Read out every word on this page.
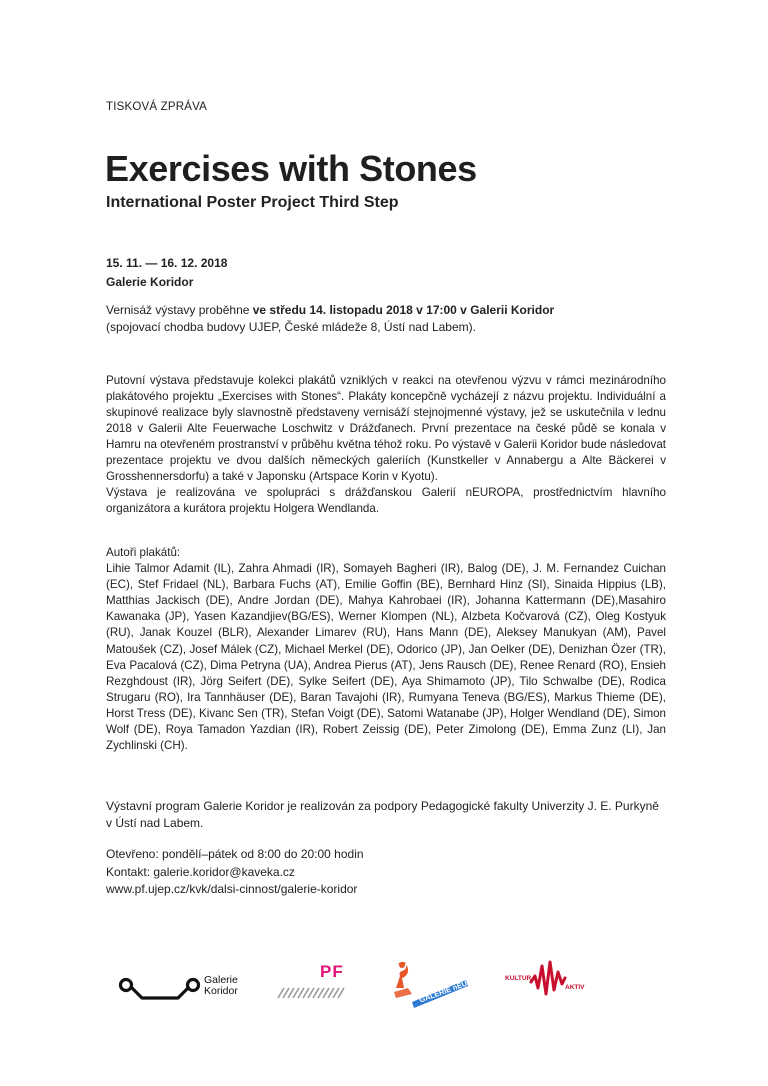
TISKOVÁ ZPRÁVA
Exercises with Stones
International Poster Project Third Step
15. 11. — 16. 12. 2018
Galerie Koridor
Vernisáž výstavy proběhne ve středu 14. listopadu 2018 v 17:00 v Galerii Koridor
(spojovací chodba budovy UJEP, České mládeže 8, Ústí nad Labem).

Putovní výstava představuje kolekci plakátů vzniklých v reakci na otevřenou výzvu v rámci mezinárodního plakátového projektu „Exercises with Stones“. Plakáty koncepčně vycházejí z názvu projektu. Individuální a skupinové realizace byly slavnostně představeny vernisáží stejnojmenné výstavy, jež se uskutečnila v lednu 2018 v Galerii Alte Feuerwache Loschwitz v Drážďanech. První prezentace na české půdě se konala v Hamru na otevřeném prostranství v průběhu května téhož roku. Po výstavě v Galerii Koridor bude následovat prezentace projektu ve dvou dalších německých galeriích (Kunstkeller v Annabergu a Alte Bäckerei v Grosshennersdorfu) a také v Japonsku (Artspace Korin v Kyotu).

Výstava je realizována ve spolupráci s drážďanskou Galerií nEUROPA, prostřednictvím hlavního organizátora a kurátora projektu Holgera Wendlanda.

Autoři plakátů:

Lihie Talmor Adamit (IL), Zahra Ahmadi (IR), Somayeh Bagheri (IR), Balog (DE), J. M. Fernandez Cuichan (EC), Stef Fridael (NL), Barbara Fuchs (AT), Emilie Goffin (BE), Bernhard Hinz (SI), Sinaida Hippius (LB), Matthias Jackisch (DE), Andre Jordan (DE), Mahya Kahrobaei (IR), Johanna Kattermann (DE),Masahiro Kawanaka (JP), Yasen Kazandjiev(BG/ES), Werner Klompen (NL), Alzbeta Kočvarová (CZ), Oleg Kostyuk (RU), Janak Kouzel (BLR), Alexander Limarev (RU), Hans Mann (DE), Aleksey Manukyan (AM), Pavel Matoušek (CZ), Josef Málek (CZ), Michael Merkel (DE), Odorico (JP), Jan Oelker (DE), Denizhan Özer (TR), Eva Pacalová (CZ), Dima Petryna (UA), Andrea Pierus (AT), Jens Rausch (DE), Renee Renard (RO), Ensieh Rezghdoust (IR), Jörg Seifert (DE), Sylke Seifert (DE), Aya Shimamoto (JP), Tilo Schwalbe (DE), Rodica Strugaru (RO), Ira Tannhäuser (DE), Baran Tavajohi (IR), Rumyana Teneva (BG/ES), Markus Thieme (DE), Horst Tress (DE), Kivanc Sen (TR), Stefan Voigt (DE), Satomi Watanabe (JP), Holger Wendland (DE), Simon Wolf (DE), Roya Tamadon Yazdian (IR), Robert Zeissig (DE), Peter Zimolong (DE), Emma Zunz (LI), Jan Zychlinski (CH).

Výstavní program Galerie Koridor je realizován za podpory Pedagogické fakulty Univerzity J. E. Purkyně v Ústí nad Labem.
Otevřeno: pondělí–pátek od 8:00 do 20:00 hodin
Kontakt: galerie.koridor@kaveka.cz
www.pf.ujep.cz/kvk/dalsi-cinnost/galerie-koridor
Galerie
Koridor
PF
GALERIE nEUROPA	KULTUR
AKTIV
